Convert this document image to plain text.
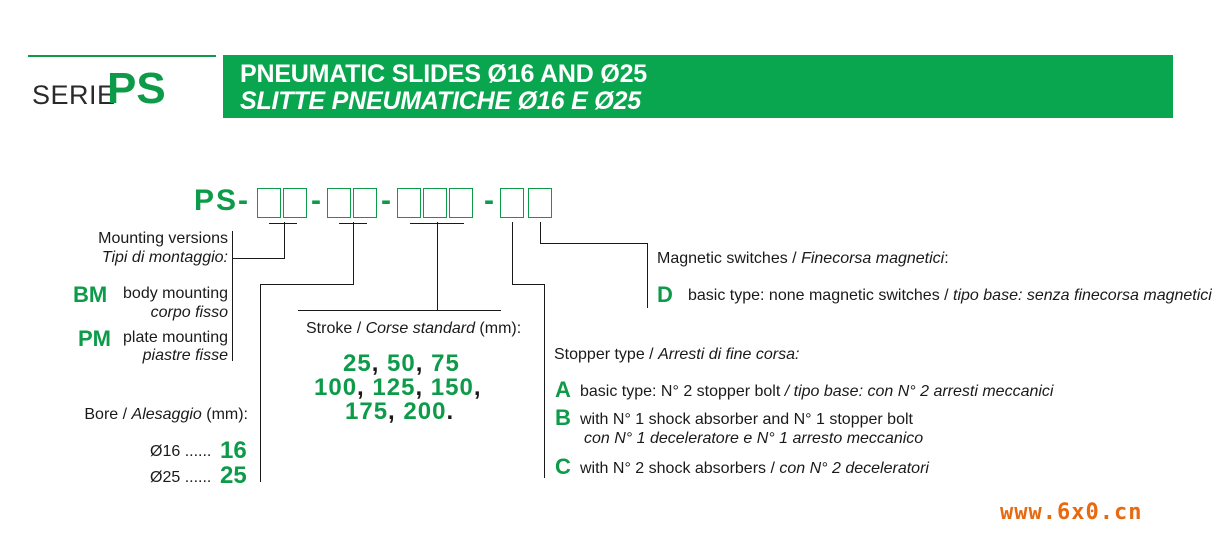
SERIE
PS	PNEUMATIC SLIDES Ø16 AND Ø25
SLITTE PNEUMATICHE Ø16 E Ø25
PS- - -	-
Mounting versions
Tipi di montaggio:
BM body mounting
corpo fisso
PM plate mounting
piastre fisse
Bore / Alesaggio (mm):
Ø16 ...... 16
Ø25 ...... 25
Stroke / Corse standard (mm):
25, 50, 75
100, 125, 150,
175, 200.
Stopper type / Arresti di fine corsa:
A basic type: N° 2 stopper bolt / tipo base: con N° 2 arresti meccanici
B with N° 1 shock absorber and N° 1 stopper bolt
con N° 1 deceleratore e N° 1 arresto meccanico
C with N° 2 shock absorbers / con N° 2 deceleratori
Magnetic switches / Finecorsa magnetici:
D basic type: none magnetic switches / tipo base: senza finecorsa magnetici
www.6x0.cn
